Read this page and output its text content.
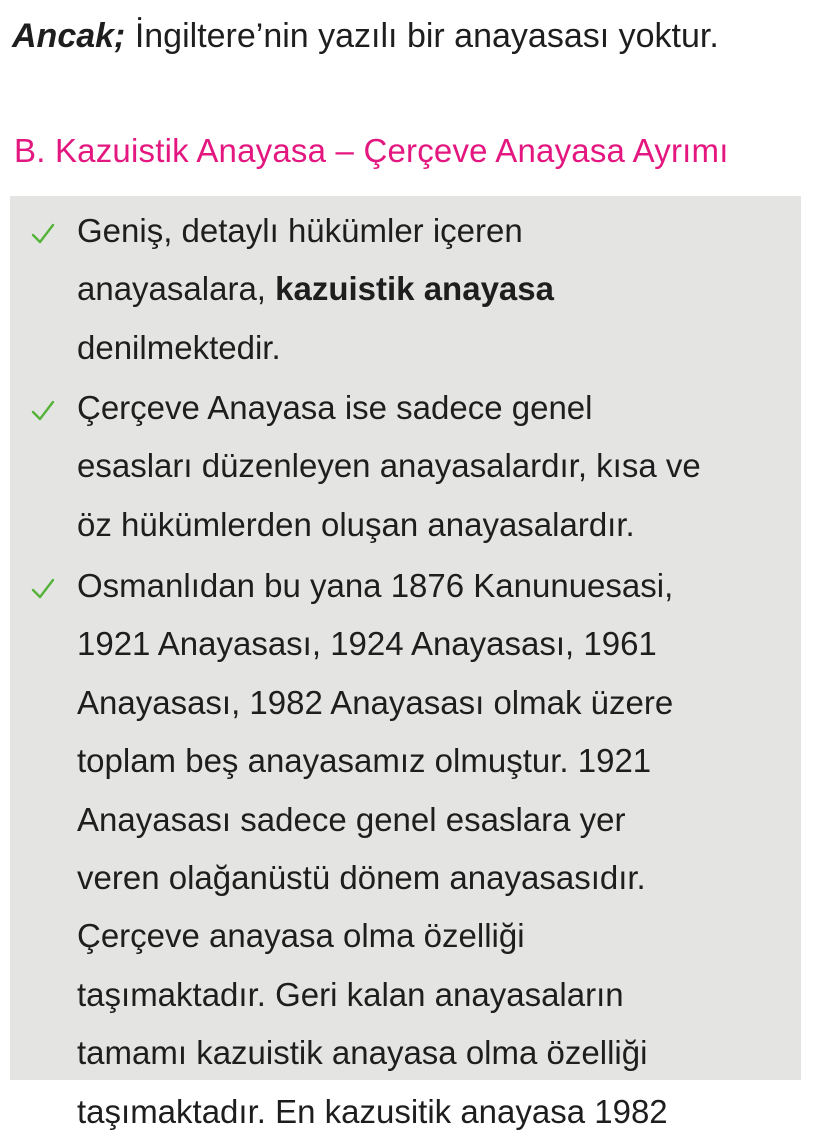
Ancak; İngiltere’nin yazılı bir anayasası yoktur.
B. Kazuistik Anayasa – Çerçeve Anayasa Ayrımı
Geniş, detaylı hükümler içeren
anayasalara, kazuistik anayasa
denilmektedir.
Çerçeve Anayasa ise sadece genel
esasları düzenleyen anayasalardır, kısa ve
öz hükümlerden oluşan anayasalardır.
Osmanlıdan bu yana 1876 Kanunuesasi,
1921 Anayasası, 1924 Anayasası, 1961
Anayasası, 1982 Anayasası olmak üzere
toplam beş anayasamız olmuştur. 1921
Anayasası sadece genel esaslara yer
veren olağanüstü dönem anayasasıdır.
Çerçeve anayasa olma özelliği
taşımaktadır. Geri kalan anayasaların
tamamı kazuistik anayasa olma özelliği
taşımaktadır. En kazusitik anayasa 1982
